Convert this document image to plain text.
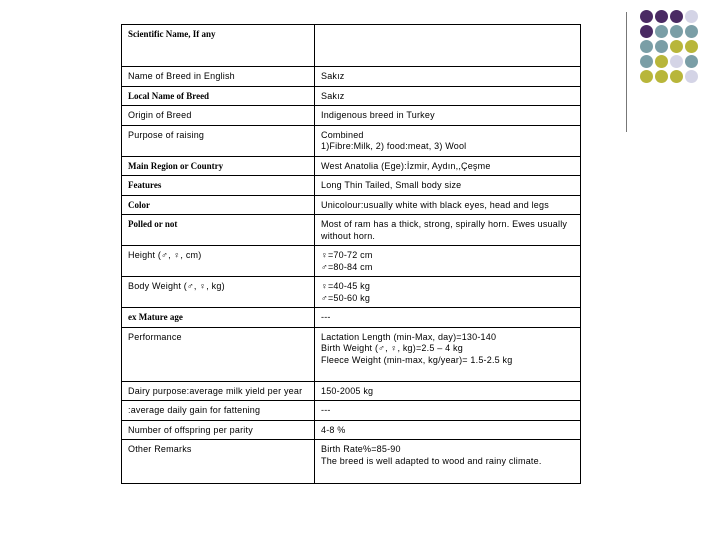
Scientific Name, If any	
Name of Breed in English	Sakız
Local Name of Breed	Sakız
Origin of Breed	Indigenous breed in Turkey
Purpose of raising	Combined
1)Fibre:Milk, 2) food:meat, 3) Wool
Main Region or Country	West Anatolia (Ege):İzmir, Aydın,,Çeşme
Features	Long Thin Tailed, Small body size
Color	Unicolour:usually white with black eyes, head and legs
Polled or not	Most of ram has a thick, strong, spirally horn. Ewes usually without horn.
Height (♂, ♀, cm)	♀=70-72 cm
♂=80-84 cm
Body Weight (♂, ♀, kg)	♀=40-45 kg
♂=50-60 kg
ex Mature age	---
Performance	Lactation Length (min-Max, day)=130-140
Birth Weight (♂, ♀, kg)=2.5 – 4 kg
Fleece Weight (min-max, kg/year)= 1.5-2.5 kg
Dairy purpose:average milk yield per year	150-2005 kg
:average daily gain for fattening	---
Number of offspring per parity	4-8 %
Other Remarks	Birth Rate%=85-90
The breed is well adapted to wood and rainy climate.
